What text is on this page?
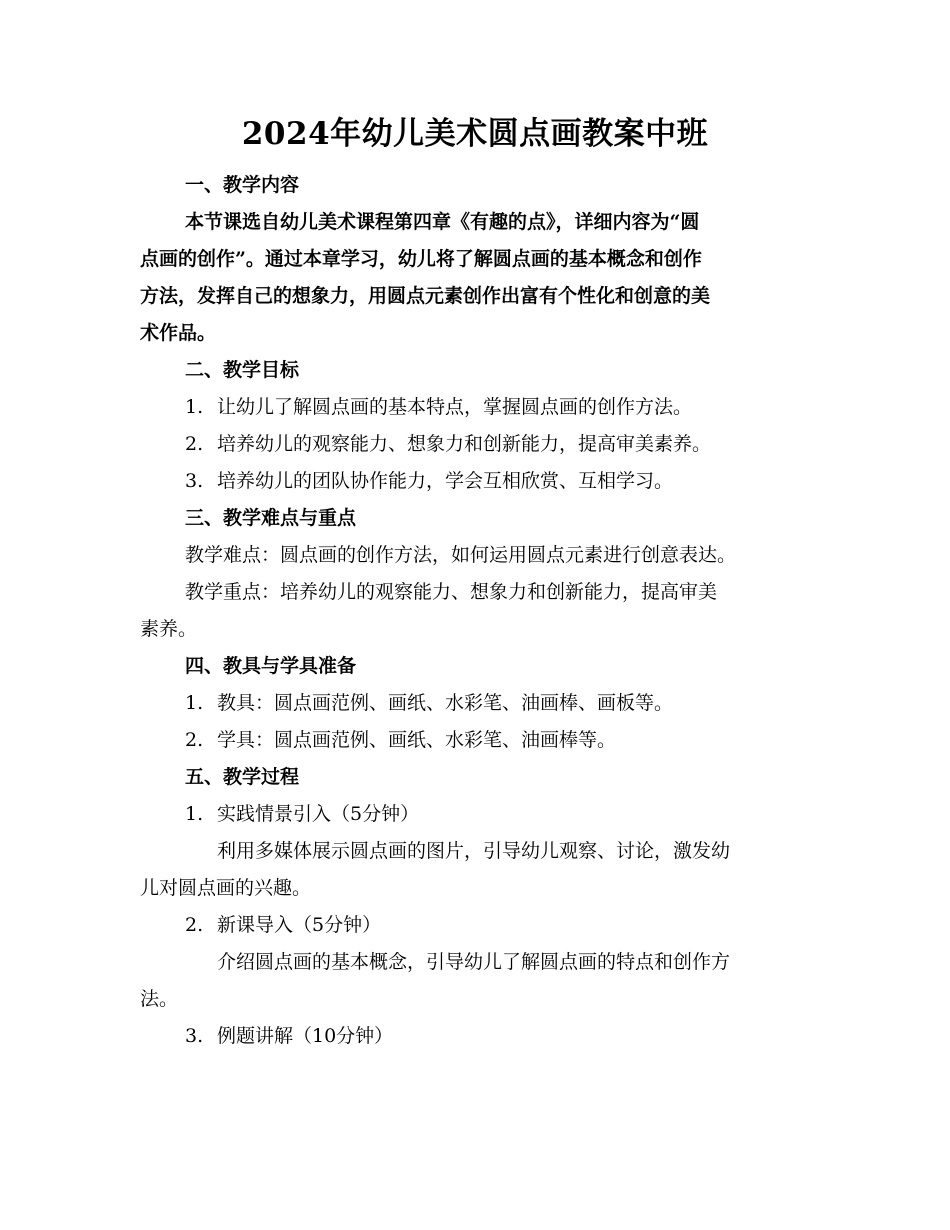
2024年幼儿美术圆点画教案中班
一、教学内容
本节课选自幼儿美术课程第四章《有趣的点》，详细内容为“圆
点画的创作”。通过本章学习，幼儿将了解圆点画的基本概念和创作
方法，发挥自己的想象力，用圆点元素创作出富有个性化和创意的美
术作品。
二、教学目标
1. 让幼儿了解圆点画的基本特点，掌握圆点画的创作方法。
2. 培养幼儿的观察能力、想象力和创新能力，提高审美素养。
3. 培养幼儿的团队协作能力，学会互相欣赏、互相学习。
三、教学难点与重点
教学难点：圆点画的创作方法，如何运用圆点元素进行创意表达。
教学重点：培养幼儿的观察能力、想象力和创新能力，提高审美
素养。
四、教具与学具准备
1. 教具：圆点画范例、画纸、水彩笔、油画棒、画板等。
2. 学具：圆点画范例、画纸、水彩笔、油画棒等。
五、教学过程
1. 实践情景引入（5分钟）
利用多媒体展示圆点画的图片，引导幼儿观察、讨论，激发幼
儿对圆点画的兴趣。
2. 新课导入（5分钟）
介绍圆点画的基本概念，引导幼儿了解圆点画的特点和创作方
法。
3. 例题讲解（10分钟）
